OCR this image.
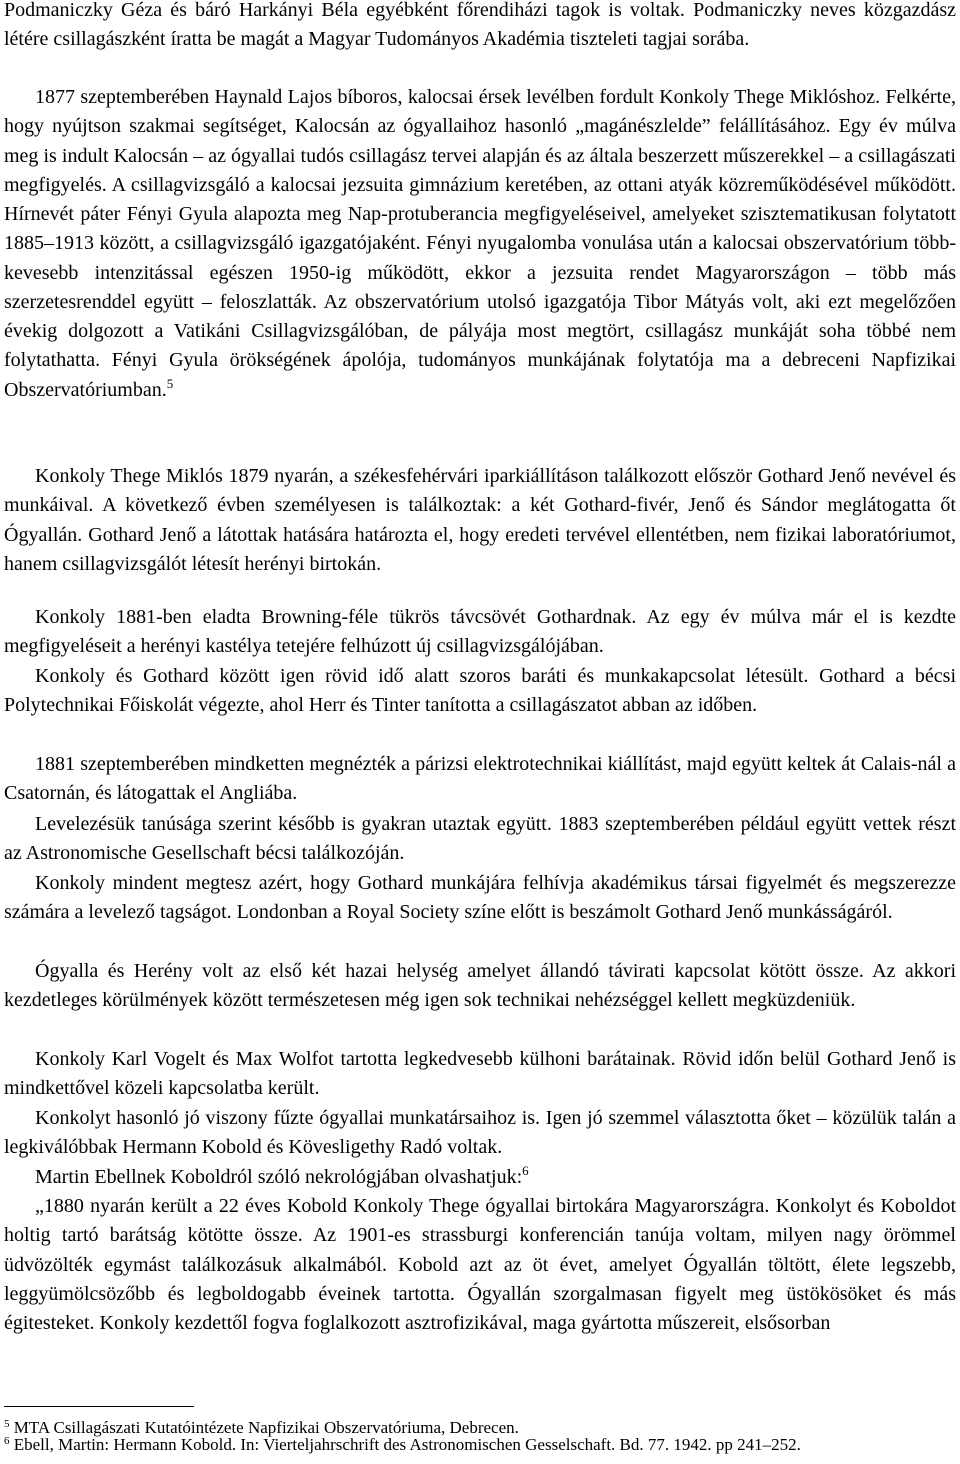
Podmaniczky Géza és báró Harkányi Béla egyébként főrendiházi tagok is voltak. Podmaniczky neves közgazdász létére csillagászként íratta be magát a Magyar Tudományos Akadémia tiszteleti tagjai sorába.

1877 szeptemberében Haynald Lajos bíboros, kalocsai érsek levélben fordult Konkoly Thege Miklóshoz. Felkérte, hogy nyújtson szakmai segítséget, Kalocsán az ógyallaihoz hasonló „magánészlelde” felállításához. Egy év múlva meg is indult Kalocsán – az ógyallai tudós csillagász tervei alapján és az általa beszerzett műszerekkel – a csillagászati megfigyelés. A csillagvizsgáló a kalocsai jezsuita gimnázium keretében, az ottani atyák közreműködésével működött. Hírnevét páter Fényi Gyula alapozta meg Nap-protuberancia megfigyeléseivel, amelyeket szisztematikusan folytatott 1885–1913 között, a csillagvizsgáló igazgatójaként. Fényi nyugalomba vonulása után a kalocsai obszervatórium több-kevesebb intenzitással egészen 1950-ig működött, ekkor a jezsuita rendet Magyarországon – több más szerzetesrenddel együtt – feloszlatták. Az obszervatórium utolsó igazgatója Tibor Mátyás volt, aki ezt megelőzően évekig dolgozott a Vatikáni Csillagvizsgálóban, de pályája most megtört, csillagász munkáját soha többé nem folytathatta. Fényi Gyula örökségének ápolója, tudományos munkájának folytatója ma a debreceni Napfizikai Obszervatóriumban.$^5$

Konkoly Thege Miklós 1879 nyarán, a székesfehérvári iparkiállításon találkozott először Gothard Jenő nevével és munkáival. A következő évben személyesen is találkoztak: a két Gothard-fivér, Jenő és Sándor meglátogatta őt Ógyallán. Gothard Jenő a látottak hatására határozta el, hogy eredeti tervével ellentétben, nem fizikai laboratóriumot, hanem csillagvizsgálót létesít herényi birtokán.

Konkoly 1881-ben eladta Browning-féle tükrös távcsövét Gothardnak. Az egy év múlva már el is kezdte megfigyeléseit a herényi kastélya tetejére felhúzott új csillagvizsgálójában.

Konkoly és Gothard között igen rövid idő alatt szoros baráti és munkakapcsolat létesült. Gothard a bécsi Polytechnikai Főiskolát végezte, ahol Herr és Tinter tanította a csillagászatot abban az időben.

1881 szeptemberében mindketten megnézték a párizsi elektrotechnikai kiállítást, majd együtt keltek át Calais-nál a Csatornán, és látogattak el Angliába.

Levelezésük tanúsága szerint később is gyakran utaztak együtt. 1883 szeptemberében például együtt vettek részt az Astronomische Gesellschaft bécsi találkozóján.

Konkoly mindent megtesz azért, hogy Gothard munkájára felhívja akadémikus társai figyelmét és megszerezze számára a levelező tagságot. Londonban a Royal Society színe előtt is beszámolt Gothard Jenő munkásságáról.

Ógyalla és Herény volt az első két hazai helység amelyet állandó távirati kapcsolat kötött össze. Az akkori kezdetleges körülmények között természetesen még igen sok technikai nehézséggel kellett megküzdeniük.

Konkoly Karl Vogelt és Max Wolfot tartotta legkedvesebb külhoni barátainak. Rövid időn belül Gothard Jenő is mindkettővel közeli kapcsolatba került.

Konkolyt hasonló jó viszony fűzte ógyallai munkatársaihoz is. Igen jó szemmel választotta őket – közülük talán a legkiválóbbak Hermann Kobold és Kövesligethy Radó voltak.

Martin Ebellnek Koboldról szóló nekrológjában olvashatjuk:$^6$

„1880 nyarán került a 22 éves Kobold Konkoly Thege ógyallai birtokára Magyarországra. Konkolyt és Koboldot holtig tartó barátság kötötte össze. Az 1901-es strassburgi konferencián tanúja voltam, milyen nagy örömmel üdvözölték egymást találkozásuk alkalmából. Kobold azt az öt évet, amelyet Ógyallán töltött, élete legszebb, leggyümölcsözőbb és legboldogabb éveinek tartotta. Ógyallán szorgalmasan figyelt meg üstökösöket és más égitesteket. Konkoly kezdettől fogva foglalkozott asztrofizikával, maga gyártotta műszereit, elsősorban

$^5$ MTA Csillagászati Kutatóintézete Napfizikai Obszervatóriuma, Debrecen.

$^6$ Ebell, Martin: Hermann Kobold. In: Vierteljahrschrift des Astronomischen Gesselschaft. Bd. 77. 1942. pp 241–252.
